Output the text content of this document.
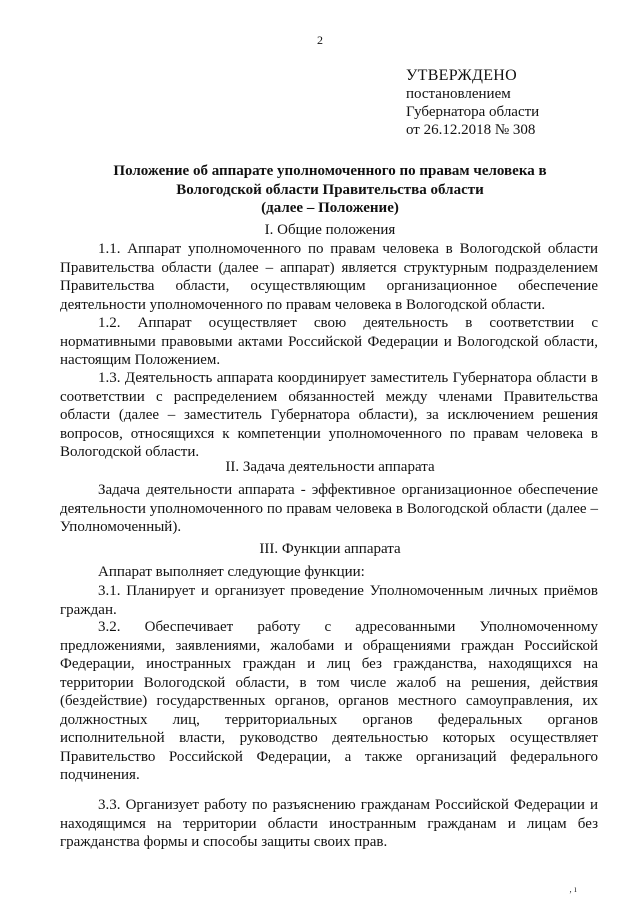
2
УТВЕРЖДЕНО
постановлением
Губернатора области
от 26.12.2018 № 308
Положение об аппарате уполномоченного по правам человека в
Вологодской области Правительства области
(далее – Положение)
I. Общие положения
1.1. Аппарат уполномоченного по правам человека в Вологодской области Правительства области (далее – аппарат) является структурным подразделением Правительства области, осуществляющим организационное обеспечение деятельности уполномоченного по правам человека в Вологодской области.
1.2. Аппарат осуществляет свою деятельность в соответствии с нормативными правовыми актами Российской Федерации и Вологодской области, настоящим Положением.
1.3. Деятельность аппарата координирует заместитель Губернатора области в соответствии с распределением обязанностей между членами Правительства области (далее – заместитель Губернатора области), за исключением решения вопросов, относящихся к компетенции уполномоченного по правам человека в Вологодской области.
II. Задача деятельности аппарата
Задача деятельности аппарата - эффективное организационное обеспечение деятельности уполномоченного по правам человека в Вологодской области (далее – Уполномоченный).
III. Функции аппарата
Аппарат выполняет следующие функции:
3.1. Планирует и организует проведение Уполномоченным личных приёмов граждан.
3.2. Обеспечивает работу с адресованными Уполномоченному предложениями, заявлениями, жалобами и обращениями граждан Российской Федерации, иностранных граждан и лиц без гражданства, находящихся на территории Вологодской области, в том числе жалоб на решения, действия (бездействие) государственных органов, органов местного самоуправления, их должностных лиц, территориальных органов федеральных органов исполнительной власти, руководство деятельностью которых осуществляет Правительство Российской Федерации, а также организаций федерального подчинения.
3.3. Организует работу по разъяснению гражданам Российской Федерации и находящимся на территории области иностранным гражданам и лицам без гражданства формы и способы защиты своих прав.
‚ ı
